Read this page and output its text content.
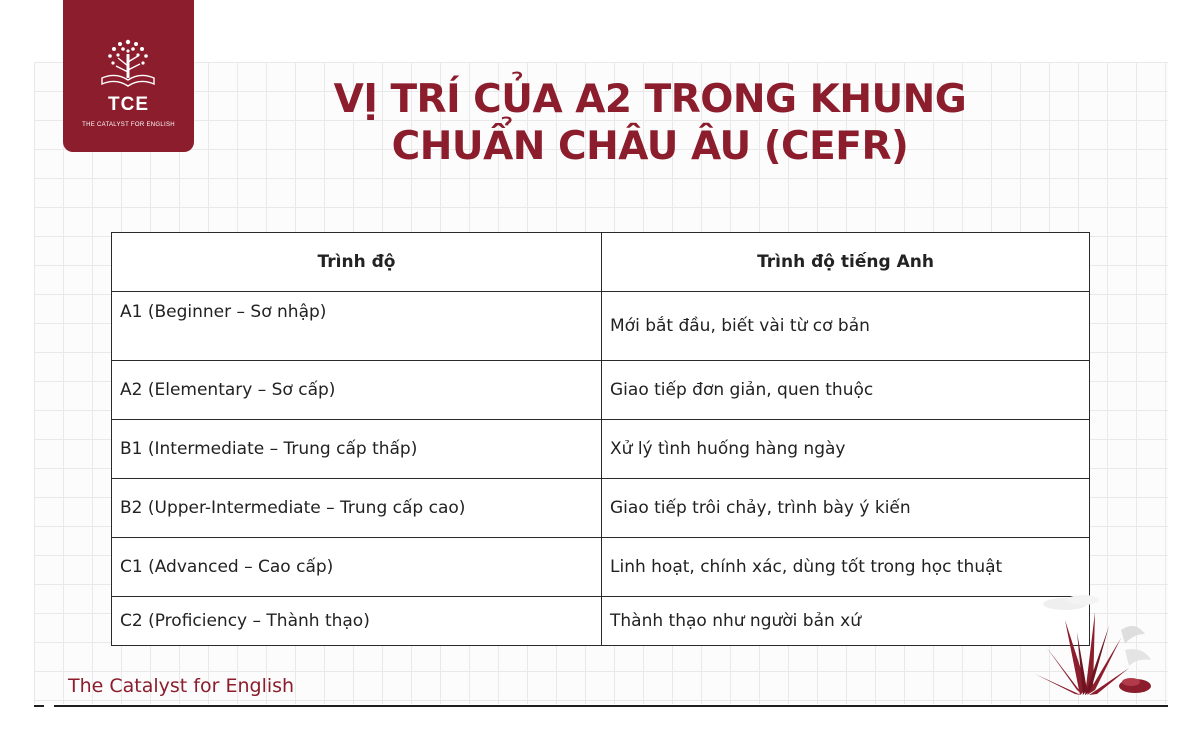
TCE
THE CATALYST FOR ENGLISH
VỊ TRÍ CỦA A2 TRONG KHUNG
CHUẨN CHÂU ÂU (CEFR)
Trình độ	Trình độ tiếng Anh
A1 (Beginner – Sơ nhập)	Mới bắt đầu, biết vài từ cơ bản
A2 (Elementary – Sơ cấp)	Giao tiếp đơn giản, quen thuộc
B1 (Intermediate – Trung cấp thấp)	Xử lý tình huống hàng ngày
B2 (Upper-Intermediate – Trung cấp cao)	Giao tiếp trôi chảy, trình bày ý kiến
C1 (Advanced – Cao cấp)	Linh hoạt, chính xác, dùng tốt trong học thuật
C2 (Proficiency – Thành thạo)	Thành thạo như người bản xứ
The Catalyst for English
